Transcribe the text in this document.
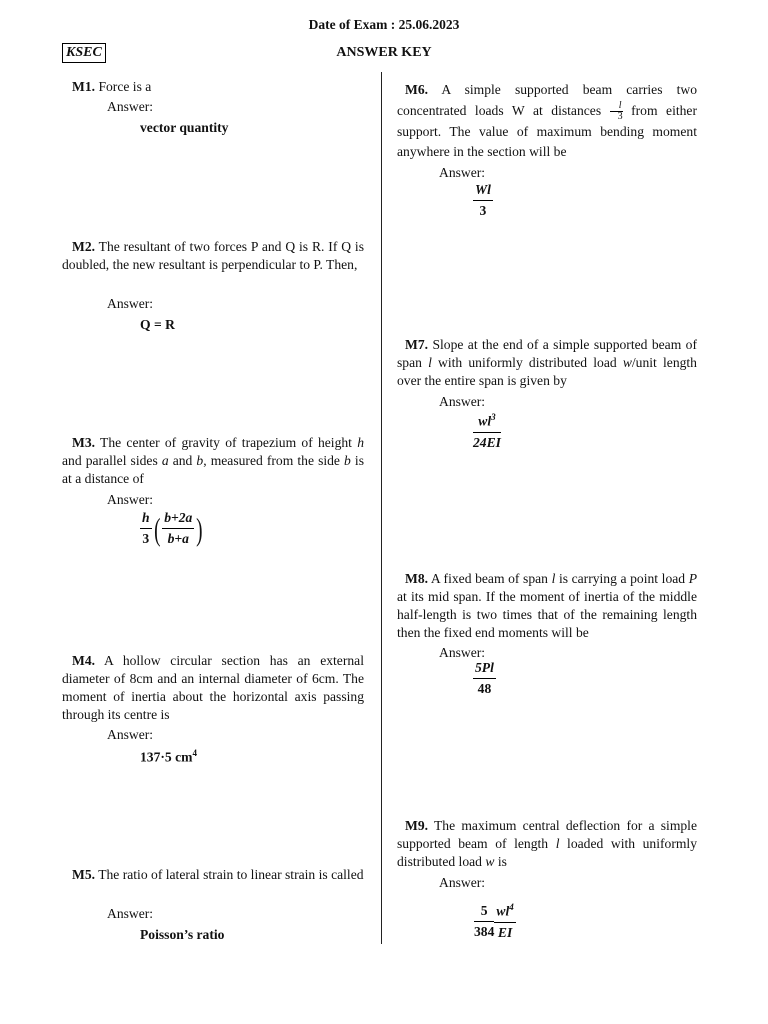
Date of Exam : 25.06.2023
KSEC	ANSWER KEY
M1. Force is a
Answer:
vector quantity
M2. The resultant of two forces P and Q is R. If Q is doubled, the new resultant is perpendicular to P. Then,
Answer:
Q = R
M3. The center of gravity of trapezium of height h and parallel sides a and b, measured from the side b is at a distance of
Answer:
$\frac{h}{3}$ ( $\frac{b+2a}{b+a}$ )
M4. A hollow circular section has an external diameter of 8cm and an internal diameter of 6cm. The moment of inertia about the horizontal axis passing through its centre is
Answer:
137·5 $cm^4$
M5. The ratio of lateral strain to linear strain is called
Answer:
Poisson’s ratio
M6. A simple supported beam carries two concentrated loads W at distances $\frac{l}{3}$ from either support. The value of maximum bending moment anywhere in the section will be
Answer:
$\frac{Wl}{3}$
M7. Slope at the end of a simple supported beam of span l with uniformly distributed load w/unit length over the entire span is given by
Answer:
$\frac{wl^3}{24EI}$
M8. A fixed beam of span l is carrying a point load P at its mid span. If the moment of inertia of the middle half-length is two times that of the remaining length then the fixed end moments will be
Answer:
$\frac{5Pl}{48}$
M9. The maximum central deflection for a simple supported beam of length l loaded with uniformly distributed load w is
Answer:
$\frac{5}{384} \frac{wl^4}{EI}$
